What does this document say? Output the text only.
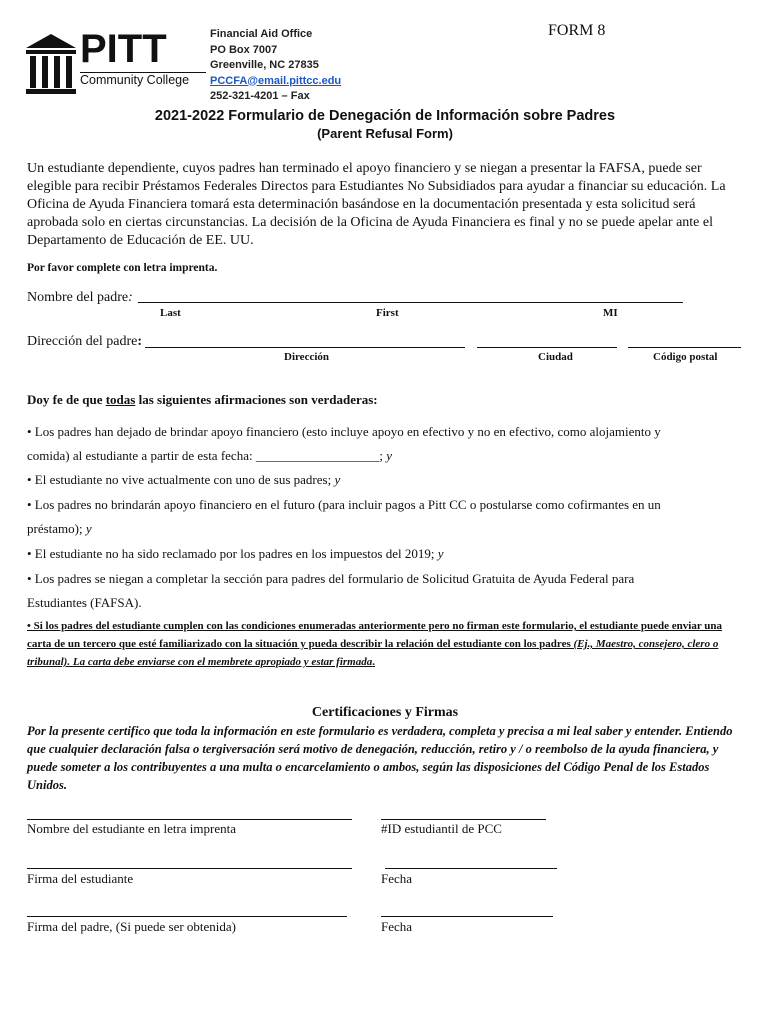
PITT
Community College
Financial Aid Office
PO Box 7007
Greenville, NC 27835
PCCFA@email.pittcc.edu
252-321-4201 – Fax
FORM 8
2021-2022 Formulario de Denegación de Información sobre Padres
(Parent Refusal Form)
Un estudiante dependiente, cuyos padres han terminado el apoyo financiero y se niegan a presentar la FAFSA, puede ser elegible para recibir Préstamos Federales Directos para Estudiantes No Subsidiados para ayudar a financiar su educación. La Oficina de Ayuda Financiera tomará esta determinación basándose en la documentación presentada y esta solicitud será aprobada solo en ciertas circunstancias. La decisión de la Oficina de Ayuda Financiera es final y no se puede apelar ante el Departamento de Educación de EE. UU.
Por favor complete con letra imprenta.
Nombre del padre:
Last	First	MI
Dirección del padre:
Dirección	Ciudad	Código postal
Doy fe de que todas las siguientes afirmaciones son verdaderas:
• Los padres han dejado de brindar apoyo financiero (esto incluye apoyo en efectivo y no en efectivo, como alojamiento y
comida) al estudiante a partir de esta fecha: ___________________; y
• El estudiante no vive actualmente con uno de sus padres; y
• Los padres no brindarán apoyo financiero en el futuro (para incluir pagos a Pitt CC o postularse como cofirmantes en un
préstamo); y
• El estudiante no ha sido reclamado por los padres en los impuestos del 2019; y
• Los padres se niegan a completar la sección para padres del formulario de Solicitud Gratuita de Ayuda Federal para
Estudiantes (FAFSA).
• Si los padres del estudiante cumplen con las condiciones enumeradas anteriormente pero no firman este formulario, el estudiante puede enviar una carta de un tercero que esté familiarizado con la situación y pueda describir la relación del estudiante con los padres (Ej., Maestro, consejero, clero o tribunal). La carta debe enviarse con el membrete apropiado y estar firmada.
Certificaciones y Firmas
Por la presente certifico que toda la información en este formulario es verdadera, completa y precisa a mi leal saber y entender. Entiendo que cualquier declaración falsa o tergiversación será motivo de denegación, reducción, retiro y / o reembolso de la ayuda financiera, y puede someter a los contribuyentes a una multa o encarcelamiento o ambos, según las disposiciones del Código Penal de los Estados Unidos.
Nombre del estudiante en letra imprenta	#ID estudiantil de PCC
Firma del estudiante	Fecha
Firma del padre, (Si puede ser obtenida)	Fecha
